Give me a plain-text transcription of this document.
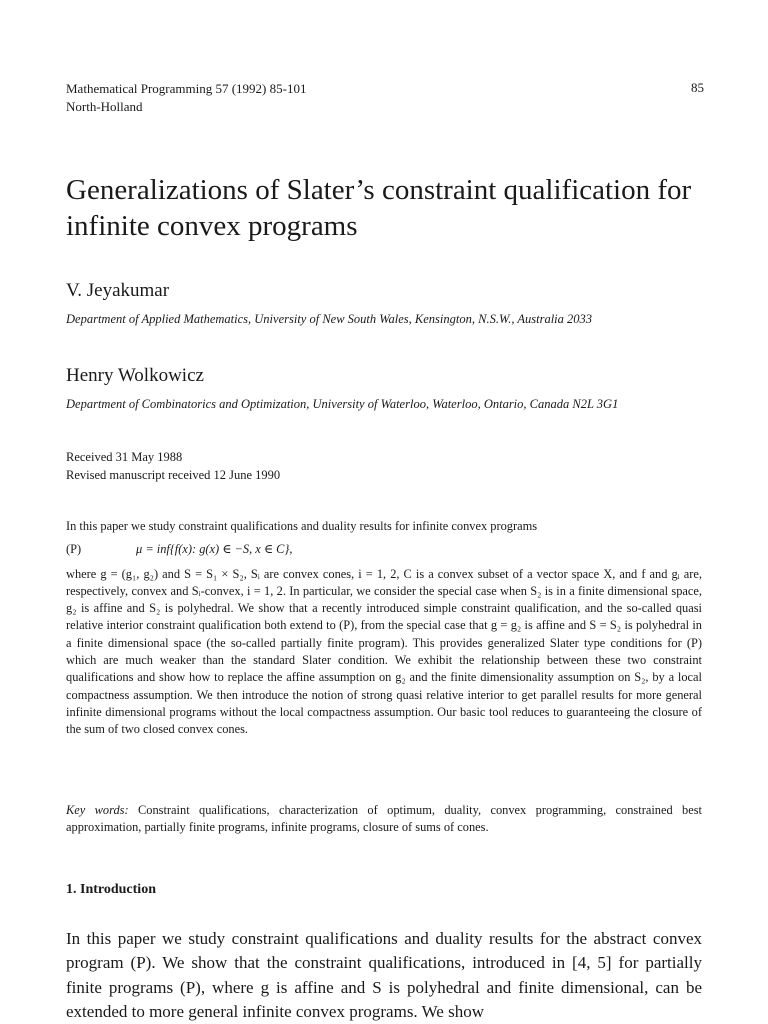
Mathematical Programming 57 (1992) 85-101
North-Holland
85
Generalizations of Slater’s constraint qualification for infinite convex programs
V. Jeyakumar
Department of Applied Mathematics, University of New South Wales, Kensington, N.S.W., Australia 2033
Henry Wolkowicz
Department of Combinatorics and Optimization, University of Waterloo, Waterloo, Ontario, Canada N2L 3G1
Received 31 May 1988
Revised manuscript received 12 June 1990

In this paper we study constraint qualifications and duality results for infinite convex programs

(P)	μ = inf{f(x): g(x) ∈ −S, x ∈ C},

where g = (g₁, g₂) and S = S₁ × S₂, Sᵢ are convex cones, i = 1, 2, C is a convex subset of a vector space X, and f and gᵢ are, respectively, convex and Sᵢ-convex, i = 1, 2. In particular, we consider the special case when S₂ is in a finite dimensional space, g₂ is affine and S₂ is polyhedral. We show that a recently introduced simple constraint qualification, and the so-called quasi relative interior constraint qualification both extend to (P), from the special case that g = g₂ is affine and S = S₂ is polyhedral in a finite dimensional space (the so-called partially finite program). This provides generalized Slater type conditions for (P) which are much weaker than the standard Slater condition. We exhibit the relationship between these two constraint qualifications and show how to replace the affine assumption on g₂ and the finite dimensionality assumption on S₂, by a local compactness assumption. We then introduce the notion of strong quasi relative interior to get parallel results for more general infinite dimensional programs without the local compactness assumption. Our basic tool reduces to guaranteeing the closure of the sum of two closed convex cones.

Key words: Constraint qualifications, characterization of optimum, duality, convex programming, constrained best approximation, partially finite programs, infinite programs, closure of sums of cones.
1. Introduction

In this paper we study constraint qualifications and duality results for the abstract convex program (P). We show that the constraint qualifications, introduced in [4, 5] for partially finite programs (P), where g is affine and S is polyhedral and finite dimensional, can be extended to more general infinite convex programs. We show
